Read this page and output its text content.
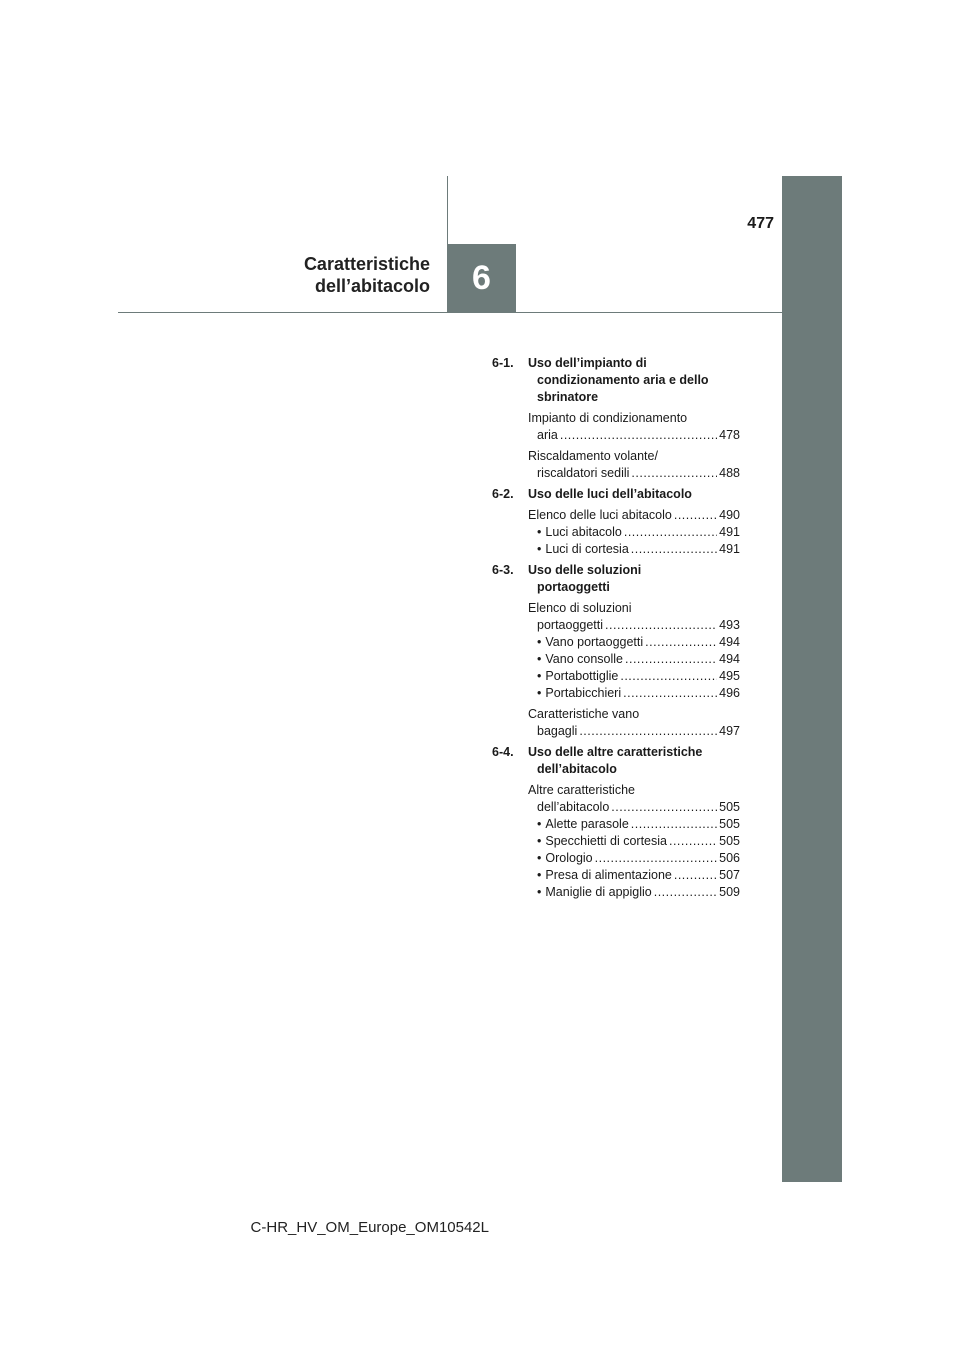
477
6
Caratteristiche
dell’abitacolo
6-1.	Uso dell’impianto di
condizionamento aria e dello
sbrinatore
Impianto di condizionamento
aria .....	478
Riscaldamento volante/
riscaldatori sedili .....	488
6-2.	Uso delle luci dell’abitacolo
Elenco delle luci abitacolo .....	490
• Luci abitacolo .....	491
• Luci di cortesia .....	491
6-3.	Uso delle soluzioni
portaoggetti
Elenco di soluzioni
portaoggetti .....	493
• Vano portaoggetti .....	494
• Vano consolle .....	494
• Portabottiglie .....	495
• Portabicchieri .....	496
Caratteristiche vano
bagagli .....	497
6-4.	Uso delle altre caratteristiche
dell’abitacolo
Altre caratteristiche
dell’abitacolo .....	505
• Alette parasole .....	505
• Specchietti di cortesia .....	505
• Orologio .....	506
• Presa di alimentazione .....	507
• Maniglie di appiglio .....	509
C-HR_HV_OM_Europe_OM10542L
